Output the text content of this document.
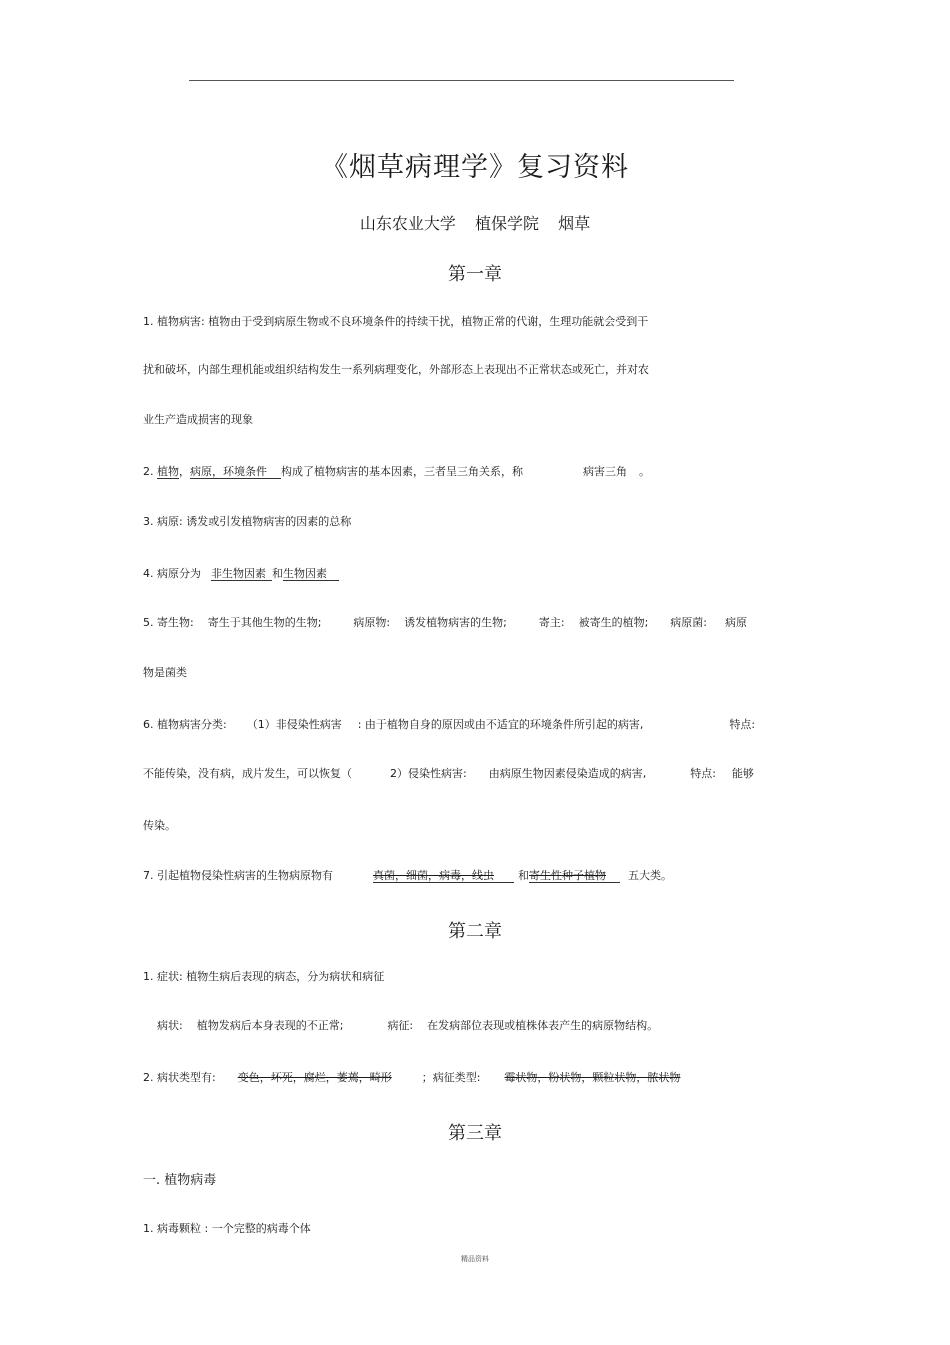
《烟草病理学》复习资料
山东农业大学 植保学院 烟草
第一章
1. 植物病害: 植物由于受到病原生物或不良环境条件的持续干扰，植物正常的代谢，生理功能就会受到干
扰和破坏，内部生理机能或组织结构发生一系列病理变化，外部形态上表现出不正常状态或死亡，并对农
业生产造成损害的现象
2. 植物，病原，环境条件 构成了植物病害的基本因素，三者呈三角关系，称	病害三角 。
3. 病原: 诱发或引发植物病害的因素的总称
4. 病原分为 非生物因素 和生物因素
5. 寄生物: 寄生于其他生物的生物;	病原物: 诱发植物病害的生物;	寄主: 被寄生的植物; 病原菌: 病原
物是菌类
6. 植物病害分类: （1）非侵染性病害 : 由于植物自身的原因或由不适宜的环境条件所引起的病害,	特点:
不能传染，没有病，成片发生，可以恢复（	2）侵染性病害: 由病原生物因素侵染造成的病害,	特点: 能够
传染。
7. 引起植物侵染性病害的生物病原物有	真菌，细菌，病毒，线虫 和寄生性种子植物 五大类。
第二章
1. 症状: 植物生病后表现的病态，分为病状和病征
病状: 植物发病后本身表现的不正常;	病征: 在发病部位表现或植株体表产生的病原物结构。
2. 病状类型有: 变色，坏死，腐烂，萎蔫，畸形	；病征类型: 霉状物，粉状物，颗粒状物，脓状物
第三章
一. 植物病毒
1. 病毒颗粒 : 一个完整的病毒个体
精品资料
